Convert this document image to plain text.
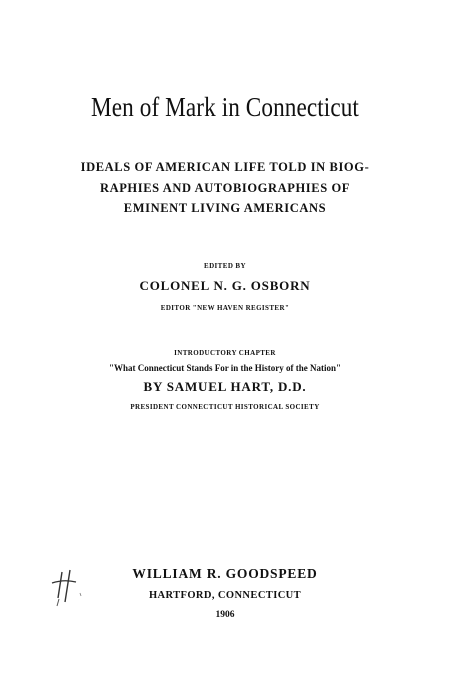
Men of Mark in Connecticut
IDEALS OF AMERICAN LIFE TOLD IN BIOG-
RAPHIES AND AUTOBIOGRAPHIES OF
EMINENT LIVING AMERICANS
EDITED BY
COLONEL N. G. OSBORN
EDITOR "NEW HAVEN REGISTER"
INTRODUCTORY CHAPTER
"What Connecticut Stands For in the History of the Nation"
BY SAMUEL HART, D.D.
PRESIDENT CONNECTICUT HISTORICAL SOCIETY
WILLIAM R. GOODSPEED
HARTFORD, CONNECTICUT
1906
